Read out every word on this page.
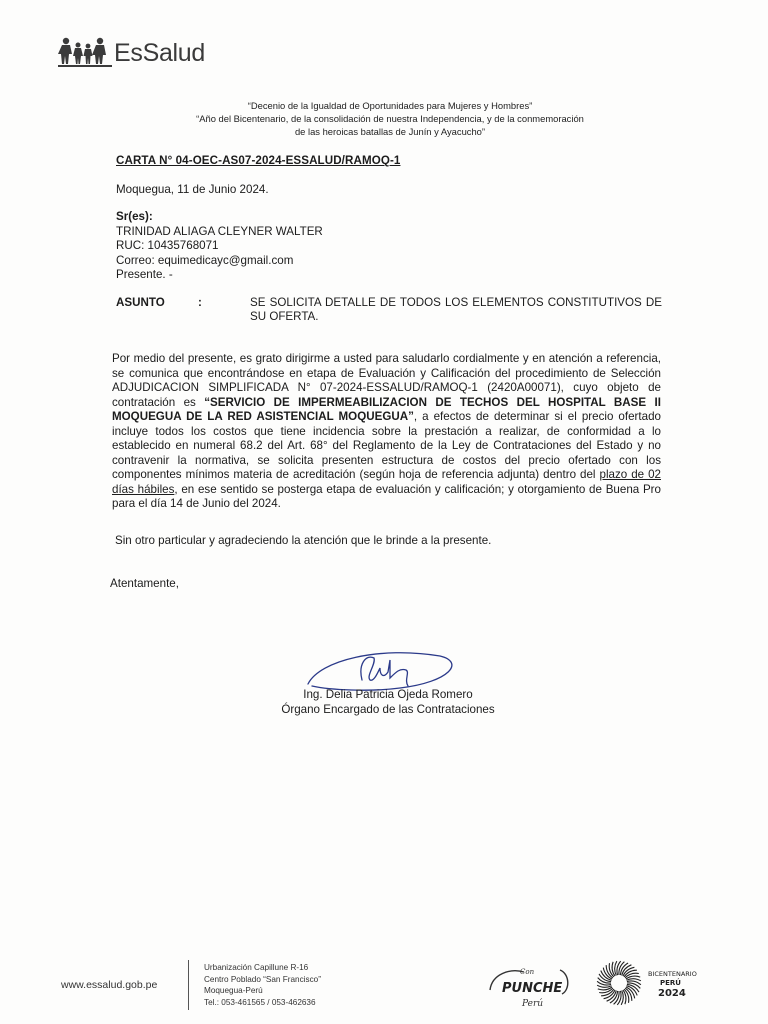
EsSalud
“Decenio de la Igualdad de Oportunidades para Mujeres y Hombres”
“Año del Bicentenario, de la consolidación de nuestra Independencia, y de la conmemoración
de las heroicas batallas de Junín y Ayacucho”
CARTA N° 04-OEC-AS07-2024-ESSALUD/RAMOQ-1
Moquegua, 11 de Junio 2024.
Sr(es):
TRINIDAD ALIAGA CLEYNER WALTER
RUC: 10435768071
Correo: equimedicayc@gmail.com
Presente. -
ASUNTO	:	SE SOLICITA DETALLE DE TODOS LOS ELEMENTOS CONSTITUTIVOS DE SU OFERTA.
Por medio del presente, es grato dirigirme a usted para saludarlo cordialmente y en atención a referencia, se comunica que encontrándose en etapa de Evaluación y Calificación del procedimiento de Selección ADJUDICACION SIMPLIFICADA N° 07-2024-ESSALUD/RAMOQ-1 (2420A00071), cuyo objeto de contratación es “SERVICIO DE IMPERMEABILIZACION DE TECHOS DEL HOSPITAL BASE II MOQUEGUA DE LA RED ASISTENCIAL MOQUEGUA”, a efectos de determinar si el precio ofertado incluye todos los costos que tiene incidencia sobre la prestación a realizar, de conformidad a lo establecido en numeral 68.2 del Art. 68° del Reglamento de la Ley de Contrataciones del Estado y no contravenir la normativa, se solicita presenten estructura de costos del precio ofertado con los componentes mínimos materia de acreditación (según hoja de referencia adjunta) dentro del plazo de 02 días hábiles, en ese sentido se posterga etapa de evaluación y calificación; y otorgamiento de Buena Pro para el día 14 de Junio del 2024.
Sin otro particular y agradeciendo la atención que le brinde a la presente.
Atentamente,
Ing. Delia Patricia Ojeda Romero
Órgano Encargado de las Contrataciones
www.essalud.gob.pe
Urbanización Capillune R-16
Centro Poblado “San Francisco”
Moquegua-Perú
Tel.: 053-461565 / 053-462636
Con
PUNCHE
Perú
BICENTENARIO
PERÚ
2024
